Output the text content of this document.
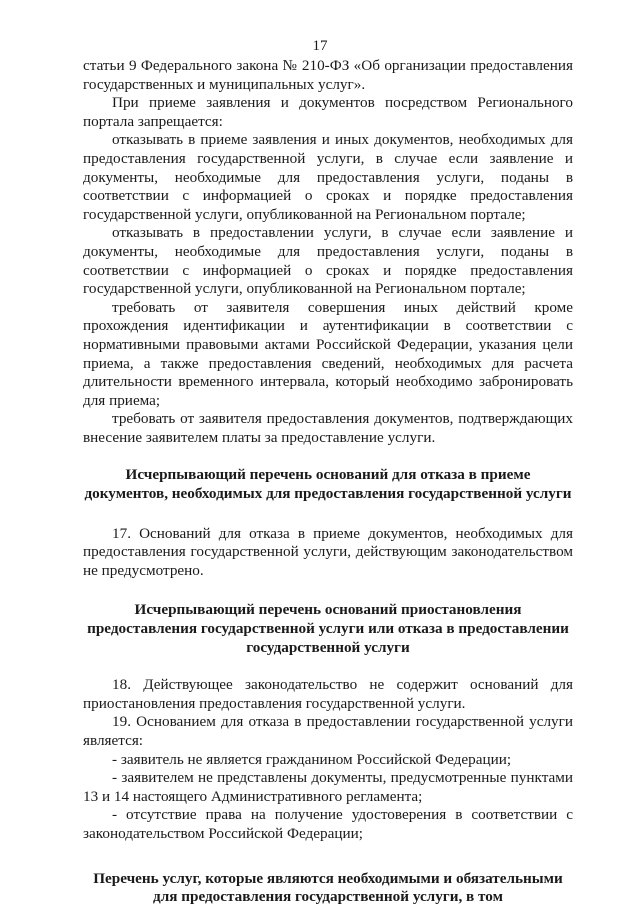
17

статьи 9 Федерального закона № 210-ФЗ «Об организации предоставления государственных и муниципальных услуг».

При приеме заявления и документов посредством Регионального портала запрещается:

отказывать в приеме заявления и иных документов, необходимых для предоставления государственной услуги, в случае если заявление и документы, необходимые для предоставления услуги, поданы в соответствии с информацией о сроках и порядке предоставления государственной услуги, опубликованной на Региональном портале;

отказывать в предоставлении услуги, в случае если заявление и документы, необходимые для предоставления услуги, поданы в соответствии с информацией о сроках и порядке предоставления государственной услуги, опубликованной на Региональном портале;

требовать от заявителя совершения иных действий кроме прохождения идентификации и аутентификации в соответствии с нормативными правовыми актами Российской Федерации, указания цели приема, а также предоставления сведений, необходимых для расчета длительности временного интервала, который необходимо забронировать для приема;

требовать от заявителя предоставления документов, подтверждающих внесение заявителем платы за предоставление услуги.

Исчерпывающий перечень оснований для отказа в приеме документов, необходимых для предоставления государственной услуги

17. Оснований для отказа в приеме документов, необходимых для предоставления государственной услуги, действующим законодательством не предусмотрено.

Исчерпывающий перечень оснований приостановления предоставления государственной услуги или отказа в предоставлении государственной услуги

18. Действующее законодательство не содержит оснований для приостановления предоставления государственной услуги.

19. Основанием для отказа в предоставлении государственной услуги является:

- заявитель не является гражданином Российской Федерации;

- заявителем не представлены документы, предусмотренные пунктами 13 и 14 настоящего Административного регламента;

- отсутствие права на получение удостоверения в соответствии с законодательством Российской Федерации;

Перечень услуг, которые являются необходимыми и обязательными для предоставления государственной услуги, в том
